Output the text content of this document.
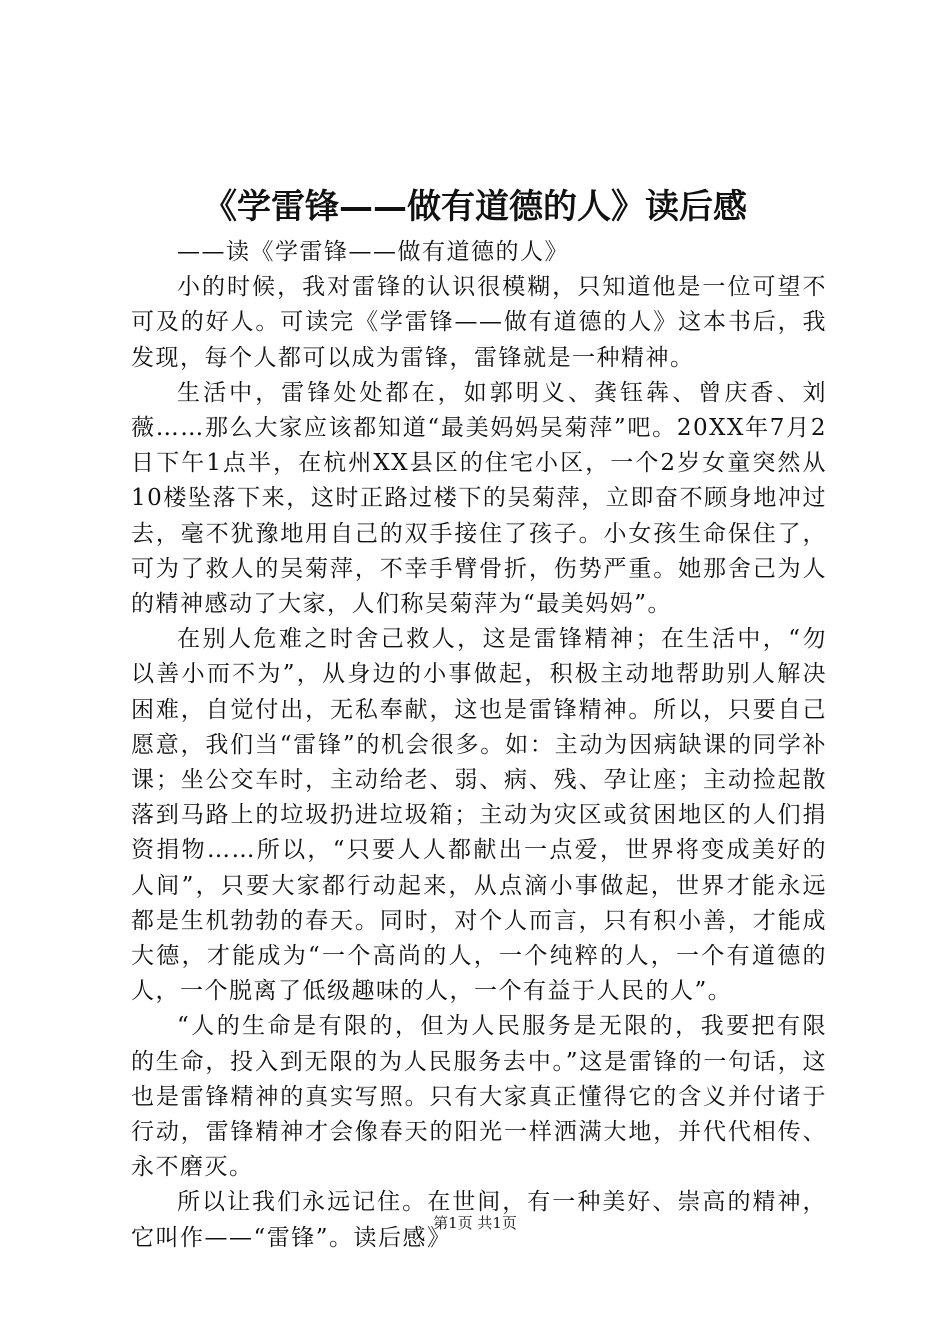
《学雷锋——做有道德的人》读后感

——读《学雷锋——做有道德的人》

小的时候，我对雷锋的认识很模糊，只知道他是一位可望不可及的好人。可读完《学雷锋——做有道德的人》这本书后，我发现，每个人都可以成为雷锋，雷锋就是一种精神。

生活中，雷锋处处都在，如郭明义、龚钰犇、曾庆香、刘薇……那么大家应该都知道“最美妈妈吴菊萍”吧。20XX年7月2日下午1点半，在杭州XX县区的住宅小区，一个2岁女童突然从10楼坠落下来，这时正路过楼下的吴菊萍，立即奋不顾身地冲过去，毫不犹豫地用自己的双手接住了孩子。小女孩生命保住了，可为了救人的吴菊萍，不幸手臂骨折，伤势严重。她那舍己为人的精神感动了大家，人们称吴菊萍为“最美妈妈”。

在别人危难之时舍己救人，这是雷锋精神；在生活中，“勿以善小而不为”，从身边的小事做起，积极主动地帮助别人解决困难，自觉付出，无私奉献，这也是雷锋精神。所以，只要自己愿意，我们当“雷锋”的机会很多。如：主动为因病缺课的同学补课；坐公交车时，主动给老、弱、病、残、孕让座；主动捡起散落到马路上的垃圾扔进垃圾箱；主动为灾区或贫困地区的人们捐资捐物……所以，“只要人人都献出一点爱，世界将变成美好的人间”，只要大家都行动起来，从点滴小事做起，世界才能永远都是生机勃勃的春天。同时，对个人而言，只有积小善，才能成大德，才能成为“一个高尚的人，一个纯粹的人，一个有道德的人，一个脱离了低级趣味的人，一个有益于人民的人”。

“人的生命是有限的，但为人民服务是无限的，我要把有限的生命，投入到无限的为人民服务去中。”这是雷锋的一句话，这也是雷锋精神的真实写照。只有大家真正懂得它的含义并付诸于行动，雷锋精神才会像春天的阳光一样洒满大地，并代代相传、永不磨灭。

所以让我们永远记住。在世间，有一种美好、崇高的精神，它叫作——“雷锋”。读后感》

第1页 共1页
